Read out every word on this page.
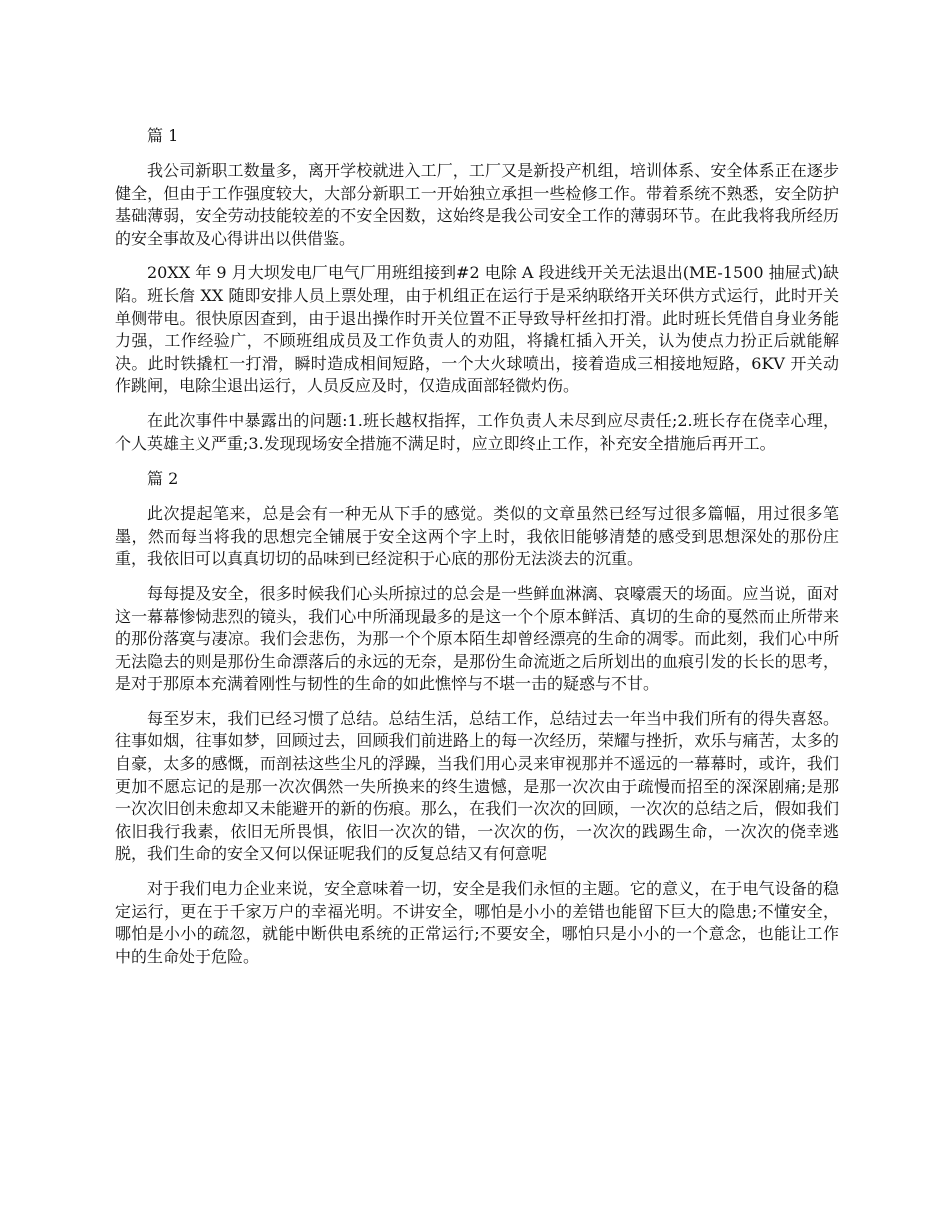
篇 1

我公司新职工数量多，离开学校就进入工厂，工厂又是新投产机组，培训体系、安全体系正在逐步健全，但由于工作强度较大，大部分新职工一开始独立承担一些检修工作。带着系统不熟悉，安全防护基础薄弱，安全劳动技能较差的不安全因数，这始终是我公司安全工作的薄弱环节。在此我将我所经历的安全事故及心得讲出以供借鉴。

20XX 年 9 月大坝发电厂电气厂用班组接到#2 电除 A 段进线开关无法退出(ME-1500 抽屉式)缺陷。班长詹 XX 随即安排人员上票处理，由于机组正在运行于是采纳联络开关环供方式运行，此时开关单侧带电。很快原因查到，由于退出操作时开关位置不正导致导杆丝扣打滑。此时班长凭借自身业务能力强，工作经验广，不顾班组成员及工作负责人的劝阻，将撬杠插入开关，认为使点力扮正后就能解决。此时铁撬杠一打滑，瞬时造成相间短路，一个大火球喷出，接着造成三相接地短路，6KV 开关动作跳闸，电除尘退出运行，人员反应及时，仅造成面部轻微灼伤。

在此次事件中暴露出的问题:1.班长越权指挥，工作负责人未尽到应尽责任;2.班长存在侥幸心理，个人英雄主义严重;3.发现现场安全措施不满足时，应立即终止工作，补充安全措施后再开工。

篇 2

此次提起笔来，总是会有一种无从下手的感觉。类似的文章虽然已经写过很多篇幅，用过很多笔墨，然而每当将我的思想完全铺展于安全这两个字上时，我依旧能够清楚的感受到思想深处的那份庄重，我依旧可以真真切切的品味到已经淀积于心底的那份无法淡去的沉重。

每每提及安全，很多时候我们心头所掠过的总会是一些鲜血淋漓、哀嚎震天的场面。应当说，面对这一幕幕惨恸悲烈的镜头，我们心中所涌现最多的是这一个个原本鲜活、真切的生命的戛然而止所带来的那份落寞与凄凉。我们会悲伤，为那一个个原本陌生却曾经漂亮的生命的凋零。而此刻，我们心中所无法隐去的则是那份生命漂落后的永远的无奈，是那份生命流逝之后所划出的血痕引发的长长的思考，是对于那原本充满着刚性与韧性的生命的如此憔悴与不堪一击的疑惑与不甘。

每至岁末，我们已经习惯了总结。总结生活，总结工作，总结过去一年当中我们所有的得失喜怒。往事如烟，往事如梦，回顾过去，回顾我们前进路上的每一次经历，荣耀与挫折，欢乐与痛苦，太多的自豪，太多的感慨，而剖祛这些尘凡的浮躁，当我们用心灵来审视那并不遥远的一幕幕时，或许，我们更加不愿忘记的是那一次次偶然一失所换来的终生遗憾，是那一次次由于疏慢而招至的深深剧痛;是那一次次旧创未愈却又未能避开的新的伤痕。那么，在我们一次次的回顾，一次次的总结之后，假如我们依旧我行我素，依旧无所畏惧，依旧一次次的错，一次次的伤，一次次的践踢生命，一次次的侥幸逃脱，我们生命的安全又何以保证呢我们的反复总结又有何意呢

对于我们电力企业来说，安全意味着一切，安全是我们永恒的主题。它的意义，在于电气设备的稳定运行，更在于千家万户的幸福光明。不讲安全，哪怕是小小的差错也能留下巨大的隐患;不懂安全，哪怕是小小的疏忽，就能中断供电系统的正常运行;不要安全，哪怕只是小小的一个意念，也能让工作中的生命处于危险。
